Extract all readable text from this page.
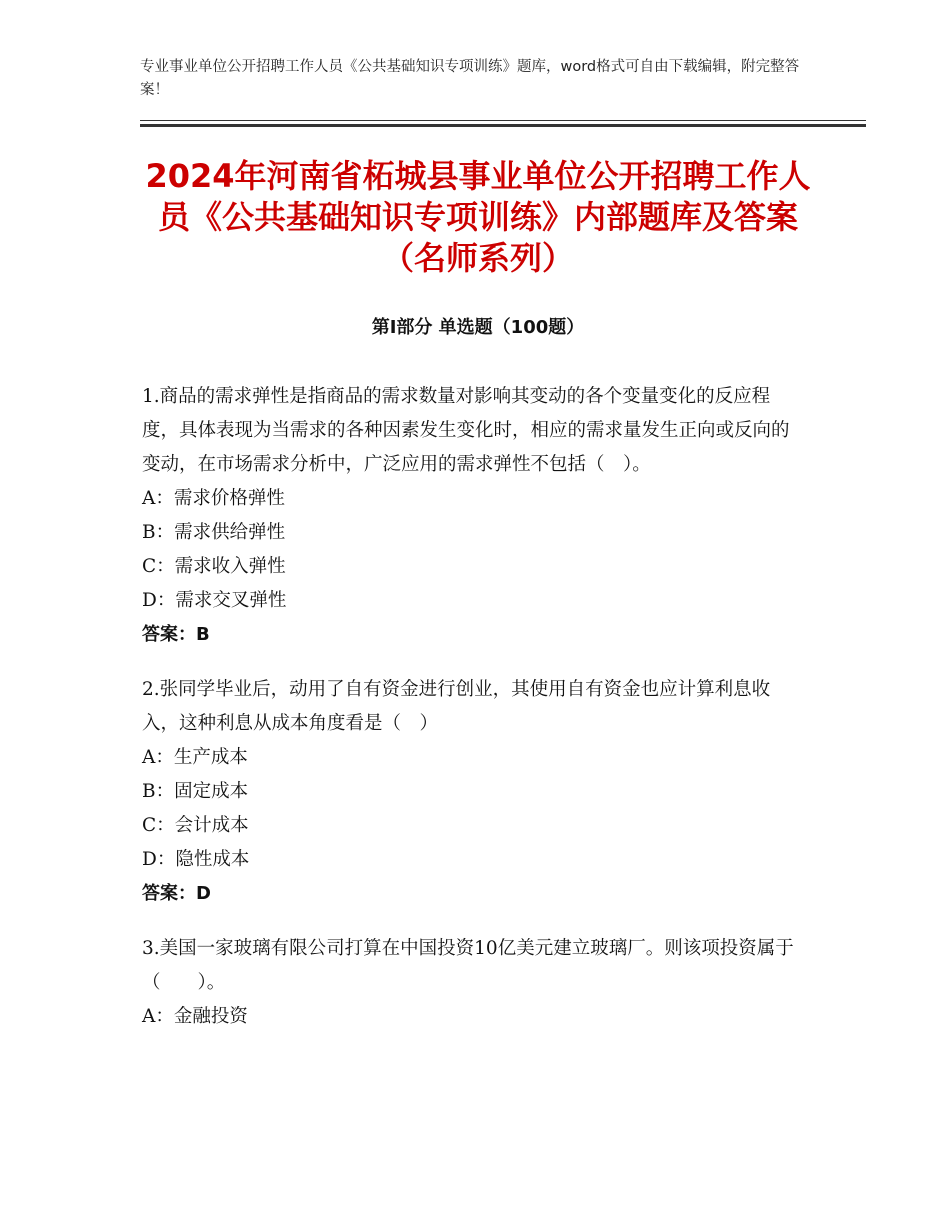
专业事业单位公开招聘工作人员《公共基础知识专项训练》题库，word格式可自由下载编辑，附完整答案！
2024年河南省柘城县事业单位公开招聘工作人员《公共基础知识专项训练》内部题库及答案（名师系列）
第Ⅰ部分 单选题（100题）
1.商品的需求弹性是指商品的需求数量对影响其变动的各个变量变化的反应程度，具体表现为当需求的各种因素发生变化时，相应的需求量发生正向或反向的变动，在市场需求分析中，广泛应用的需求弹性不包括（　）。
A：需求价格弹性
B：需求供给弹性
C：需求收入弹性
D：需求交叉弹性
答案：B
2.张同学毕业后，动用了自有资金进行创业，其使用自有资金也应计算利息收入，这种利息从成本角度看是（　）
A：生产成本
B：固定成本
C：会计成本
D：隐性成本
答案：D
3.美国一家玻璃有限公司打算在中国投资10亿美元建立玻璃厂。则该项投资属于（　　）。
A：金融投资
